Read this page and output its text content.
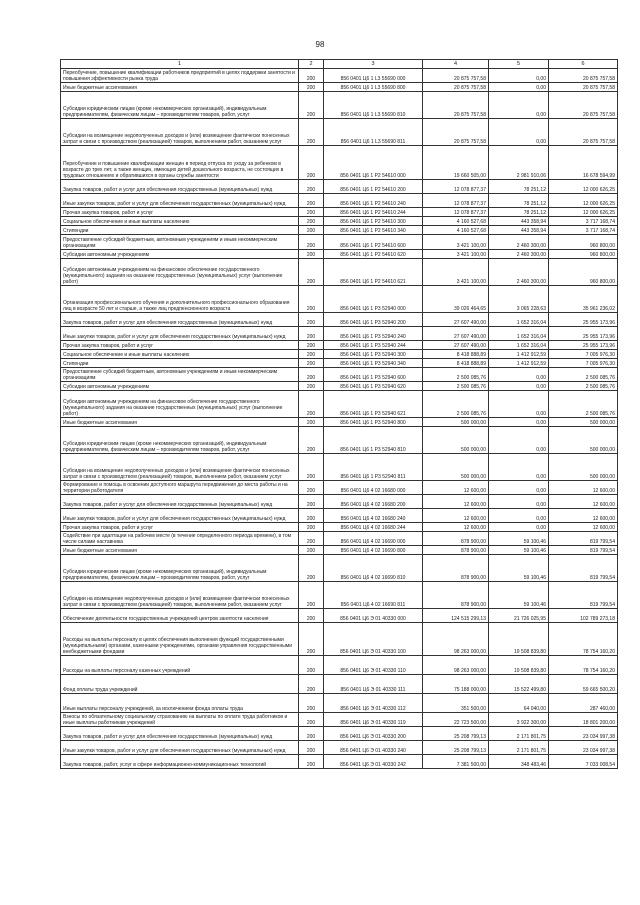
98
1	2	3	4	5	6
Переобучение, повышение квалификации работников предприятий в целях поддержки занятости и повышения эффективности рынка труда	200	856 0401 Ц6 1 L3 55690 000	20 875 757,58	0,00	20 875 757,58
Иные бюджетные ассигнования	200	856 0401 Ц6 1 L3 55690 800	20 875 757,58	0,00	20 875 757,58
Субсидии юридическим лицам (кроме некоммерческих организаций), индивидуальным предпринимателям, физическим лицам – производителям товаров, работ, услуг	200	856 0401 Ц6 1 L3 55690 810	20 875 757,58	0,00	20 875 757,58
Субсидии на возмещение недополученных доходов и (или) возмещение фактически понесенных затрат в связи с производством (реализацией) товаров, выполнением работ, оказанием услуг	200	856 0401 Ц6 1 L3 55690 811	20 875 757,58	0,00	20 875 757,58
Переобучение и повышение квалификации женщин в период отпуска по уходу за ребенком в возрасте до трех лет, а также женщин, имеющих детей дошкольного возраста, не состоящих в трудовых отношениях и обратившихся в органы службы занятости	200	856 0401 Ц6 1 P2 54610 000	19 660 505,00	2 981 910,06	16 678 594,99
Закупка товаров, работ и услуг для обеспечения государственных (муниципальных) нужд	200	856 0401 Ц6 1 P2 54610 200	12 078 877,37	78 251,12	12 000 626,25
Иные закупки товаров, работ и услуг для обеспечения государственных (муниципальных) нужд	200	856 0401 Ц6 1 P2 54610 240	12 078 877,37	78 251,12	12 000 626,25
Прочая закупка товаров, работ и услуг	200	856 0401 Ц6 1 P2 54610 244	12 078 877,37	78 251,12	12 000 626,25
Социальное обеспечение и иные выплаты населению	200	856 0401 Ц6 1 P2 54610 300	4 160 527,68	443 358,94	3 717 168,74
Стипендии	200	856 0401 Ц6 1 P2 54610 340	4 160 527,68	443 358,94	3 717 168,74
Предоставление субсидий бюджетным, автономным учреждениям и иным некоммерческим организациям	200	856 0401 Ц6 1 P2 54610 600	3 421 100,00	2 460 300,00	960 800,00
Субсидии автономным учреждениям	200	856 0401 Ц6 1 P2 54610 620	3 421 100,00	2 460 300,00	960 800,00
Субсидии автономным учреждениям на финансовое обеспечение государственного (муниципального) задания на оказание государственных (муниципальных) услуг (выполнение работ)	200	856 0401 Ц6 1 P2 54610 621	3 421 100,00	2 460 300,00	960 800,00
Организация профессионального обучения и дополнительного профессионального образования лиц в возрасте 50 лет и старше, а также лиц предпенсионного возраста	200	856 0401 Ц6 1 P3 52940 000	39 026 464,65	3 065 228,63	35 961 236,02
Закупка товаров, работ и услуг для обеспечения государственных (муниципальных) нужд	200	856 0401 Ц6 1 P3 52940 200	27 607 490,00	1 652 316,04	25 955 173,96
Иные закупки товаров, работ и услуг для обеспечения государственных (муниципальных) нужд	200	856 0401 Ц6 1 P3 52940 240	27 607 490,00	1 652 316,04	25 955 173,96
Прочая закупка товаров, работ и услуг	200	856 0401 Ц6 1 P3 52940 244	27 607 490,00	1 652 316,04	25 955 173,96
Социальное обеспечение и иные выплаты населению	200	856 0401 Ц6 1 P3 52940 300	8 418 888,89	1 412 912,59	7 005 976,30
Стипендии	200	856 0401 Ц6 1 P3 52940 340	8 418 888,89	1 412 912,59	7 005 976,30
Предоставление субсидий бюджетным, автономным учреждениям и иным некоммерческим организациям	200	856 0401 Ц6 1 P3 52940 600	2 500 085,76	0,00	2 500 085,76
Субсидии автономным учреждениям	200	856 0401 Ц6 1 P3 52940 620	2 500 085,76	0,00	2 500 085,76
Субсидии автономным учреждениям на финансовое обеспечение государственного (муниципального) задания на оказание государственных (муниципальных) услуг (выполнение работ)	200	856 0401 Ц6 1 P3 52940 621	2 500 085,76	0,00	2 500 085,76
Иные бюджетные ассигнования	200	856 0401 Ц6 1 P3 52940 800	500 000,00	0,00	500 000,00
Субсидии юридическим лицам (кроме некоммерческих организаций), индивидуальным предпринимателям, физическим лицам – производителям товаров, работ, услуг	200	856 0401 Ц6 1 P3 52940 810	500 000,00	0,00	500 000,00
Субсидии на возмещение недополученных доходов и (или) возмещение фактически понесенных затрат в связи с производством (реализацией) товаров, выполнением работ, оказанием услуг	200	856 0401 Ц6 1 P3 52940 811	500 000,00	0,00	500 000,00
Формирование и помощь в освоении доступного маршрута передвижения до места работы и на территории работодателя	200	856 0401 Ц6 4 02 16680 000	12 600,00	0,00	12 600,00
Закупка товаров, работ и услуг для обеспечения государственных (муниципальных) нужд	200	856 0401 Ц6 4 02 16680 200	12 600,00	0,00	12 600,00
Иные закупки товаров, работ и услуг для обеспечения государственных (муниципальных) нужд	200	856 0401 Ц6 4 02 16680 240	12 600,00	0,00	12 600,00
Прочая закупка товаров, работ и услуг	200	856 0401 Ц6 4 02 16680 244	12 600,00	0,00	12 600,00
Содействие при адаптации на рабочем месте (в течение определенного периода времени), в том числе силами наставника	200	856 0401 Ц6 4 02 16690 000	878 900,00	59 100,46	819 799,54
Иные бюджетные ассигнования	200	856 0401 Ц6 4 02 16690 800	878 900,00	59 100,46	819 799,54
Субсидии юридическим лицам (кроме некоммерческих организаций), индивидуальным предпринимателям, физическим лицам – производителям товаров, работ, услуг	200	856 0401 Ц6 4 02 16690 810	878 900,00	59 100,46	819 799,54
Субсидии на возмещение недополученных доходов и (или) возмещение фактически понесенных затрат в связи с производством (реализацией) товаров, выполнением работ, оказанием услуг	200	856 0401 Ц6 4 02 16690 811	878 900,00	59 100,46	819 799,54
Обеспечение деятельности государственных учреждений центров занятости населения	200	856 0401 Ц6 Э 01 40330 000	124 515 299,13	21 726 025,95	102 789 273,18
Расходы на выплаты персоналу в целях обеспечения выполнения функций государственными (муниципальными) органами, казенными учреждениями, органами управления государственными внебюджетными фондами	200	856 0401 Ц6 Э 01 40330 100	98 263 000,00	19 508 839,80	78 754 160,20
Расходы на выплаты персоналу казенных учреждений	200	856 0401 Ц6 Э 01 40330 110	98 263 000,00	19 508 839,80	78 754 160,20
Фонд оплаты труда учреждений	200	856 0401 Ц6 Э 01 40330 111	75 188 000,00	15 522 499,80	59 665 500,20
Иные выплаты персоналу учреждений, за исключением фонда оплаты труда	200	856 0401 Ц6 Э 01 40330 112	351 500,00	64 040,00	287 460,00
Взносы по обязательному социальному страхованию на выплаты по оплате труда работников и иные выплаты работникам учреждений	200	856 0401 Ц6 Э 01 40330 119	22 723 500,00	3 922 300,00	18 801 200,00
Закупка товаров, работ и услуг для обеспечения государственных (муниципальных) нужд	200	856 0401 Ц6 Э 01 40330 200	25 208 799,13	2 171 801,75	23 034 997,38
Иные закупки товаров, работ и услуг для обеспечения государственных (муниципальных) нужд	200	856 0401 Ц6 Э 01 40330 240	25 208 799,13	2 171 801,75	23 034 997,38
Закупка товаров, работ, услуг в сфере информационно-коммуникационных технологий	200	856 0401 Ц6 Э 01 40330 242	7 381 500,00	348 483,46	7 033 008,54
